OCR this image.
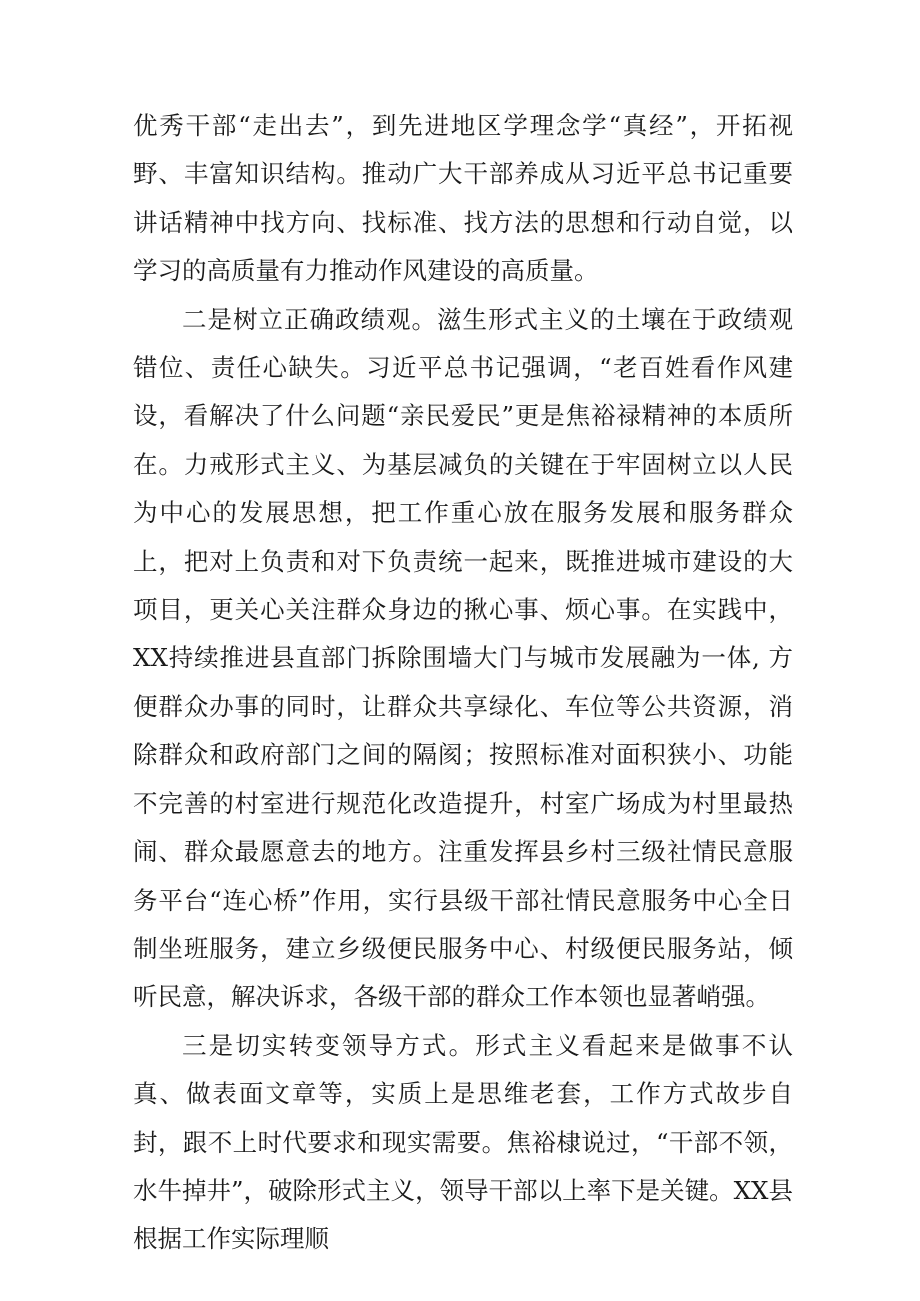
优秀干部“走出去”，到先进地区学理念学“真经”，开拓视野、丰富知识结构。推动广大干部养成从习近平总书记重要讲话精神中找方向、找标准、找方法的思想和行动自觉，以学习的高质量有力推动作风建设的高质量。

二是树立正确政绩观。滋生形式主义的土壤在于政绩观错位、责任心缺失。习近平总书记强调，“老百姓看作风建设，看解决了什么问题“亲民爱民”更是焦裕禄精神的本质所在。力戒形式主义、为基层减负的关键在于牢固树立以人民为中心的发展思想，把工作重心放在服务发展和服务群众上，把对上负责和对下负责统一起来，既推进城市建设的大项目，更关心关注群众身边的揪心事、烦心事。在实践中，XX持续推进县直部门拆除围墙大门与城市发展融为一体, 方便群众办事的同时，让群众共享绿化、车位等公共资源，消除群众和政府部门之间的隔阂；按照标准对面积狭小、功能不完善的村室进行规范化改造提升，村室广场成为村里最热闹、群众最愿意去的地方。注重发挥县乡村三级社情民意服务平台“连心桥”作用，实行县级干部社情民意服务中心全日制坐班服务，建立乡级便民服务中心、村级便民服务站，倾听民意，解决诉求，各级干部的群众工作本领也显著峭强。

三是切实转变领导方式。形式主义看起来是做事不认真、做表面文章等，实质上是思维老套，工作方式故步自封，跟不上时代要求和现实需要。焦裕棣说过，“干部不领，水牛掉井”，破除形式主义，领导干部以上率下是关键。XX县根据工作实际理顺
